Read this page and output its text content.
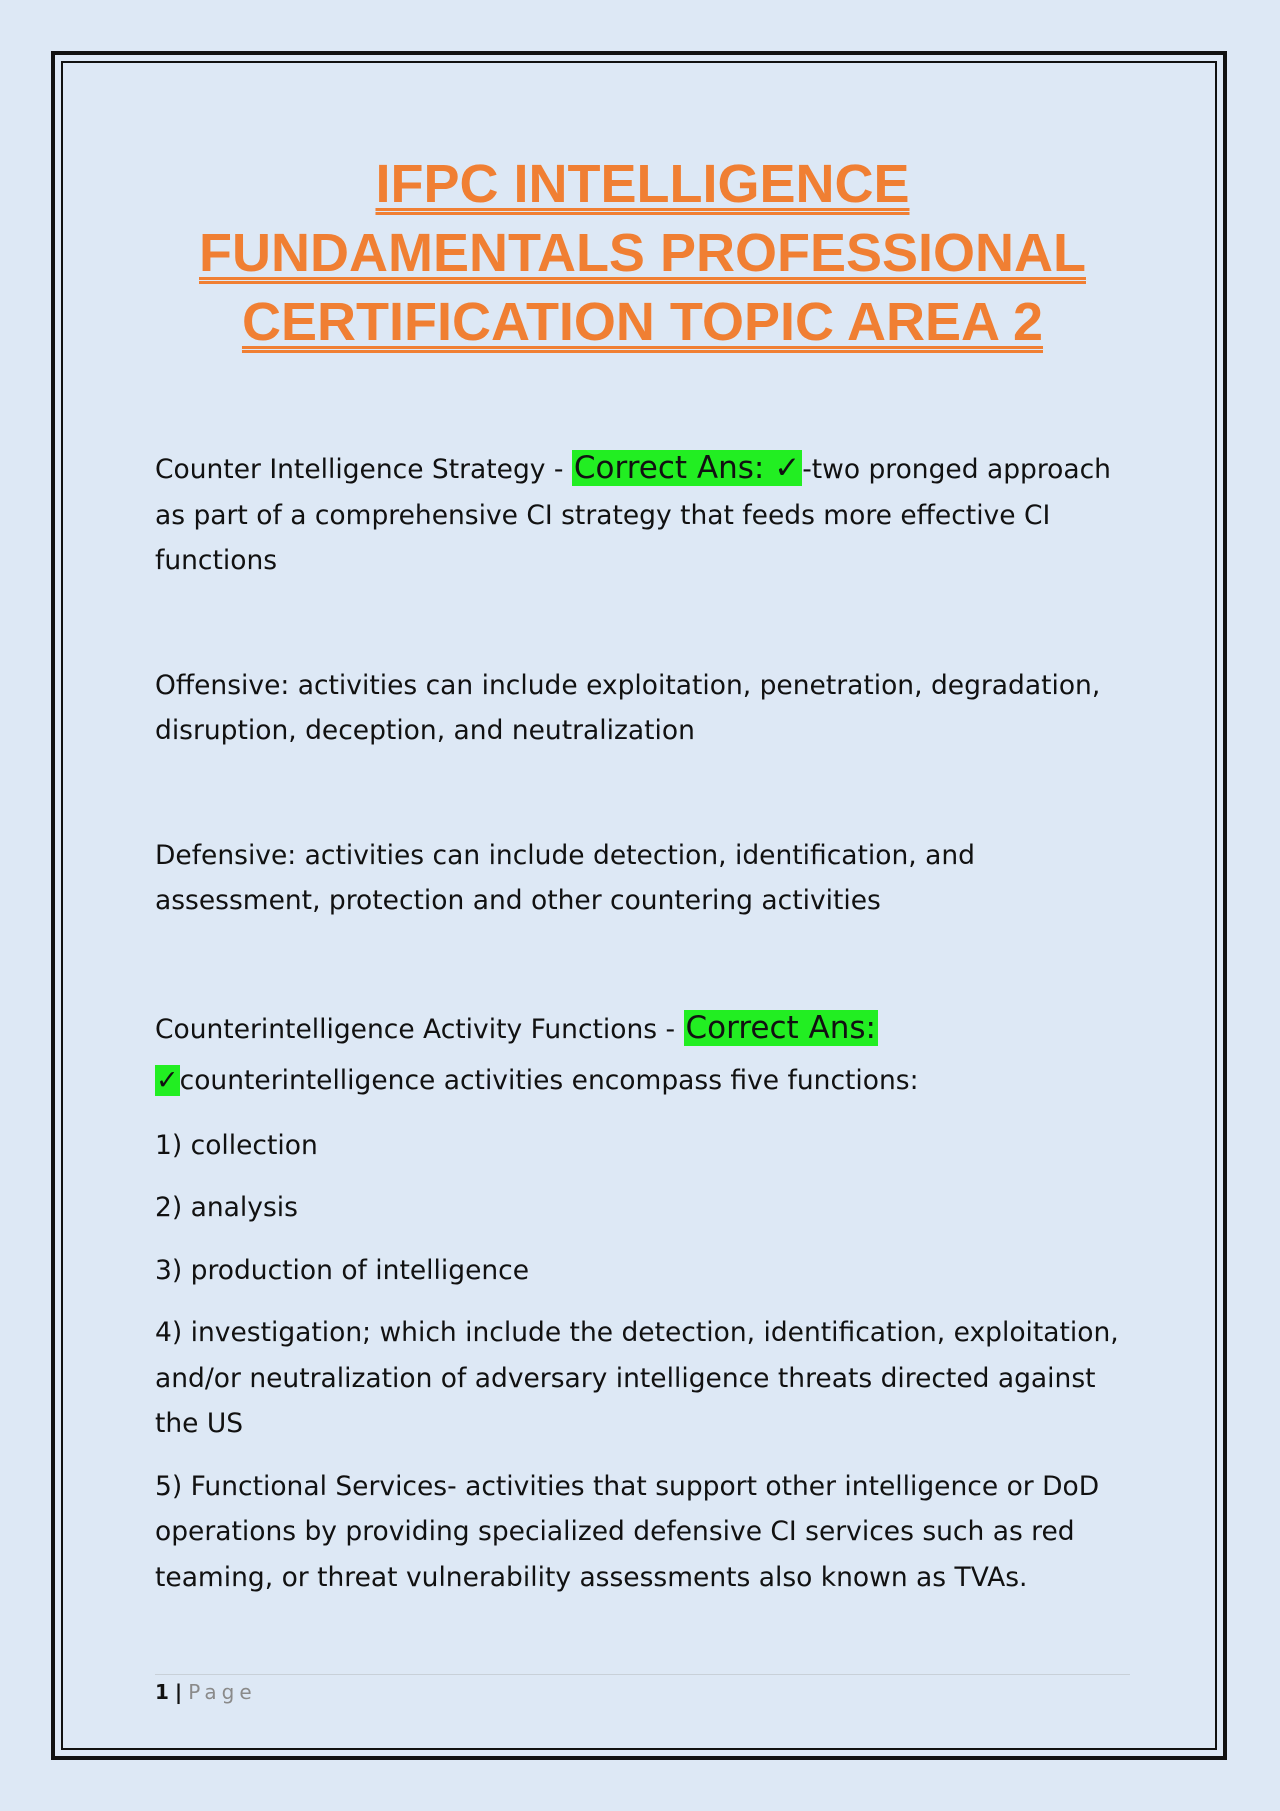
IFPC INTELLIGENCE
FUNDAMENTALS PROFESSIONAL
CERTIFICATION TOPIC AREA 2

Counter Intelligence Strategy - Correct Ans: ✓-two pronged approach as part of a comprehensive CI strategy that feeds more effective CI functions

Offensive: activities can include exploitation, penetration, degradation, disruption, deception, and neutralization

Defensive: activities can include detection, identification, and assessment, protection and other countering activities

Counterintelligence Activity Functions - Correct Ans:
✓counterintelligence activities encompass five functions:

1) collection

2) analysis

3) production of intelligence

4) investigation; which include the detection, identification, exploitation, and/or neutralization of adversary intelligence threats directed against the US

5) Functional Services- activities that support other intelligence or DoD operations by providing specialized defensive CI services such as red teaming, or threat vulnerability assessments also known as TVAs.

1 | Page
